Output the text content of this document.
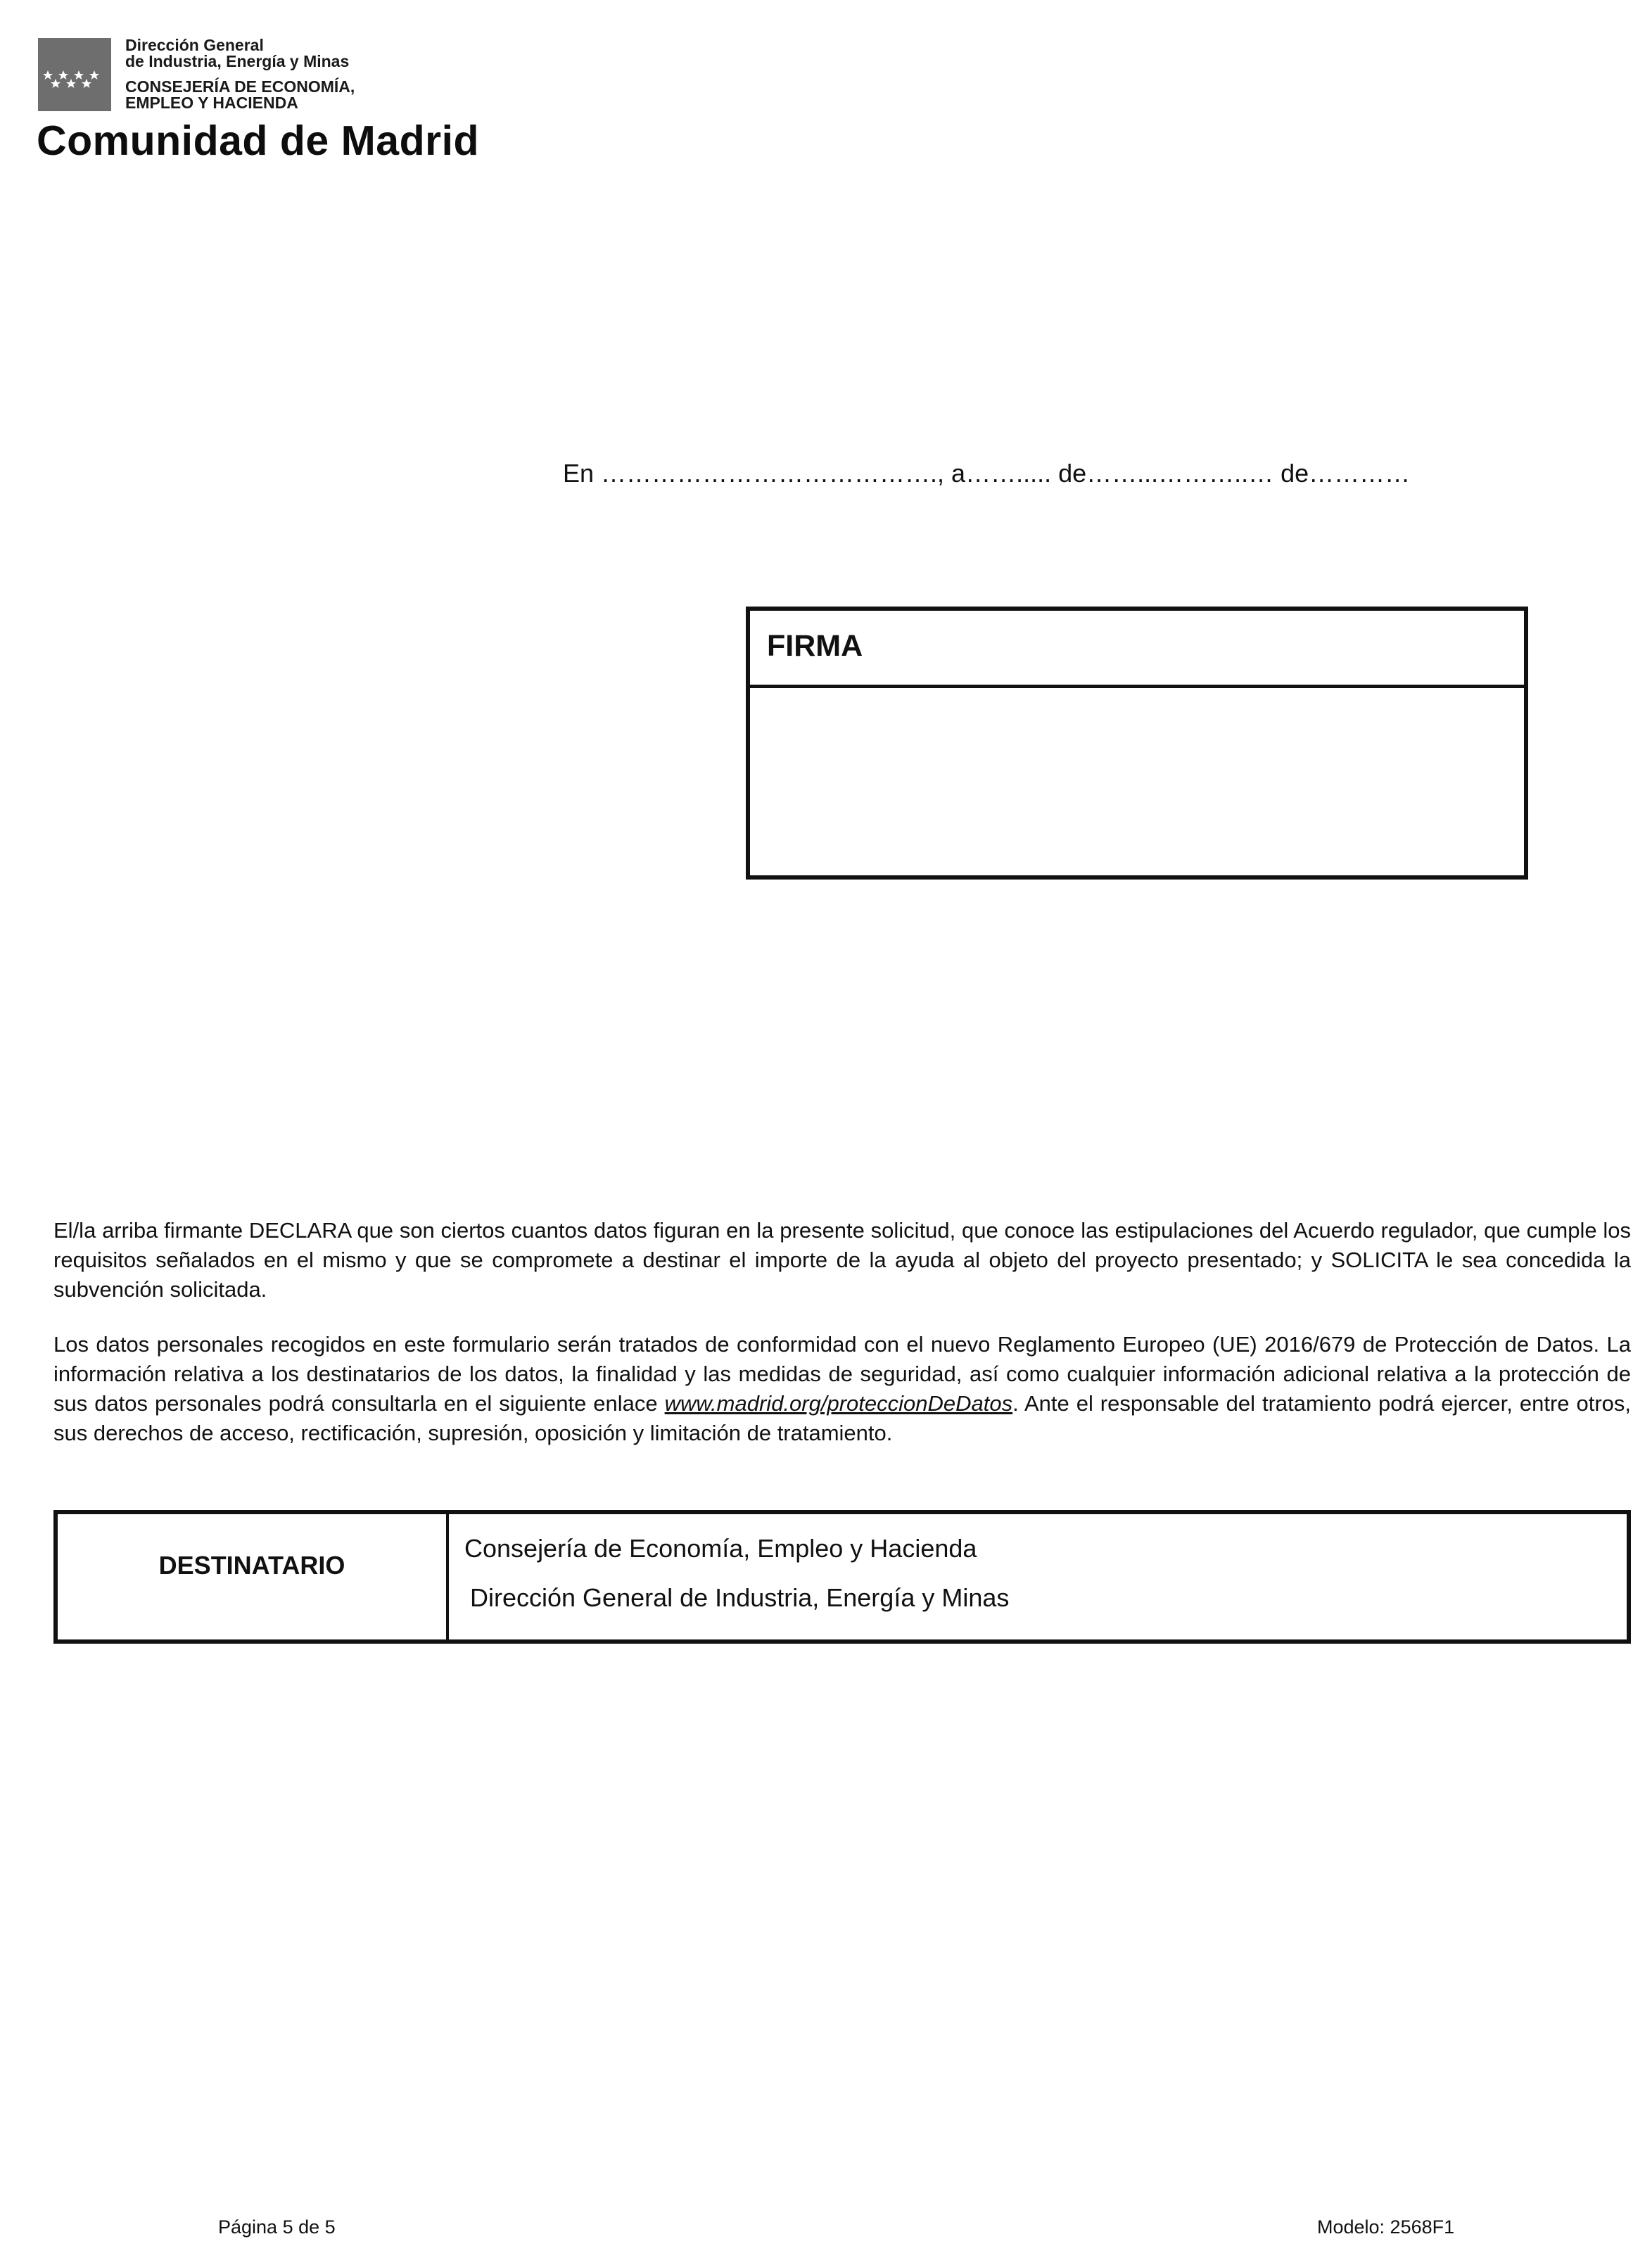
Dirección General
de Industria, Energía y Minas
CONSEJERÍA DE ECONOMÍA,
EMPLEO Y HACIENDA
Comunidad de Madrid
En …………………………………., a……..... de……...………..… de…………
FIRMA
El/la arriba firmante DECLARA que son ciertos cuantos datos figuran en la presente solicitud, que conoce las estipulaciones del Acuerdo regulador, que cumple los requisitos señalados en el mismo y que se compromete a destinar el importe de la ayuda al objeto del proyecto presentado; y SOLICITA le sea concedida la subvención solicitada.
Los datos personales recogidos en este formulario serán tratados de conformidad con el nuevo Reglamento Europeo (UE) 2016/679 de Protección de Datos. La información relativa a los destinatarios de los datos, la finalidad y las medidas de seguridad, así como cualquier información adicional relativa a la protección de sus datos personales podrá consultarla en el siguiente enlace www.madrid.org/proteccionDeDatos. Ante el responsable del tratamiento podrá ejercer, entre otros, sus derechos de acceso, rectificación, supresión, oposición y limitación de tratamiento.
DESTINATARIO
Consejería de Economía, Empleo y Hacienda
Dirección General de Industria, Energía y Minas
Página 5 de 5	Modelo: 2568F1
